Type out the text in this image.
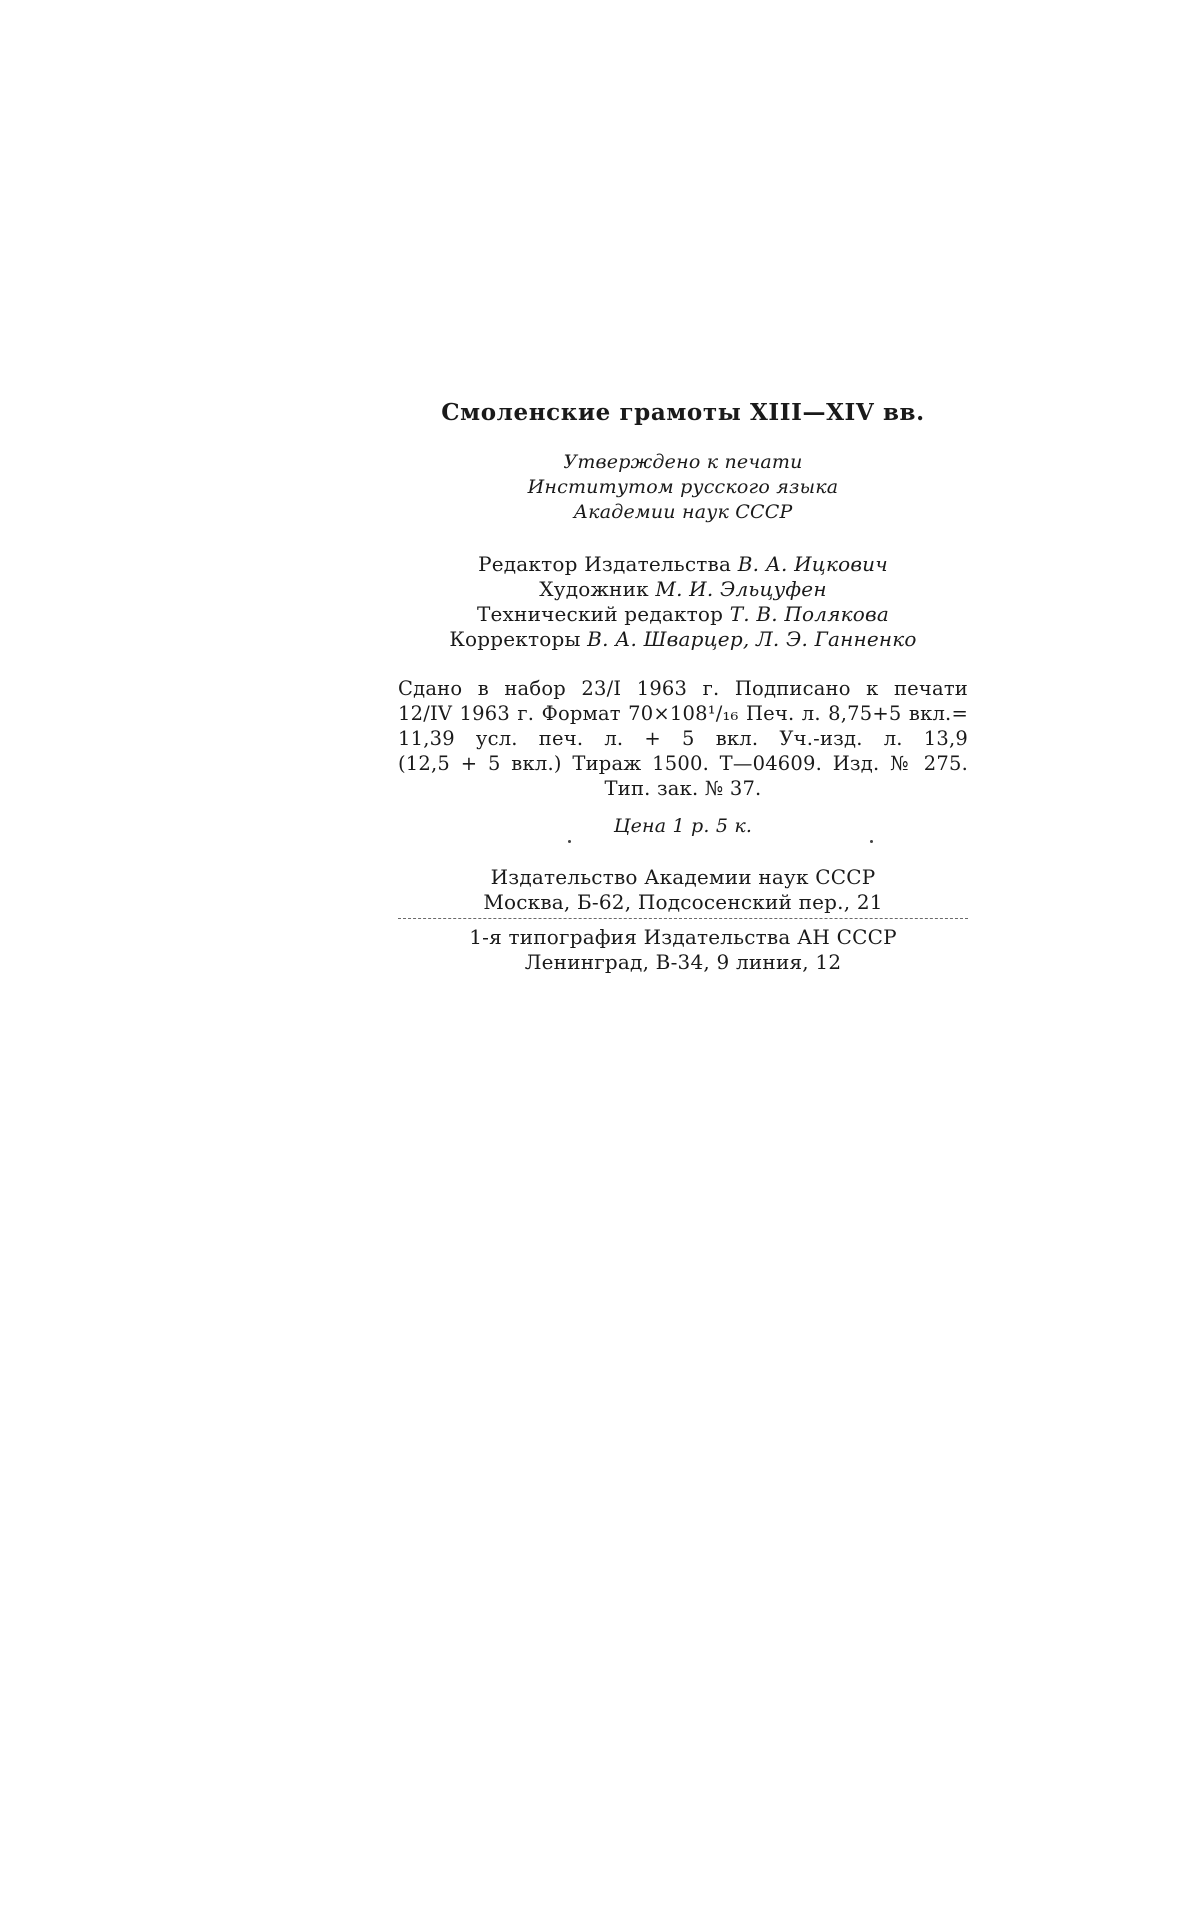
Смоленские грамоты XIII—XIV вв.
Утверждено к печати
Институтом русского языка
Академии наук СССР
Редактор Издательства В. А. Ицкович
Художник М. И. Эльцуфен
Технический редактор Т. В. Полякова
Корректоры В. А. Шварцер, Л. Э. Ганненко
Сдано в набор 23/I 1963 г. Подписано к печати
12/IV 1963 г. Формат 70×108¹/₁₆ Печ. л. 8,75+5 вкл.=
11,39 усл. печ. л. + 5 вкл. Уч.-изд. л. 13,9
(12,5 + 5 вкл.) Тираж 1500. Т—04609. Изд. № 275.
Тип. зак. № 37.
Цена 1 р. 5 к.
Издательство Академии наук СССР
Москва, Б-62, Подсосенский пер., 21
1-я типография Издательства АН СССР
Ленинград, В-34, 9 линия, 12
